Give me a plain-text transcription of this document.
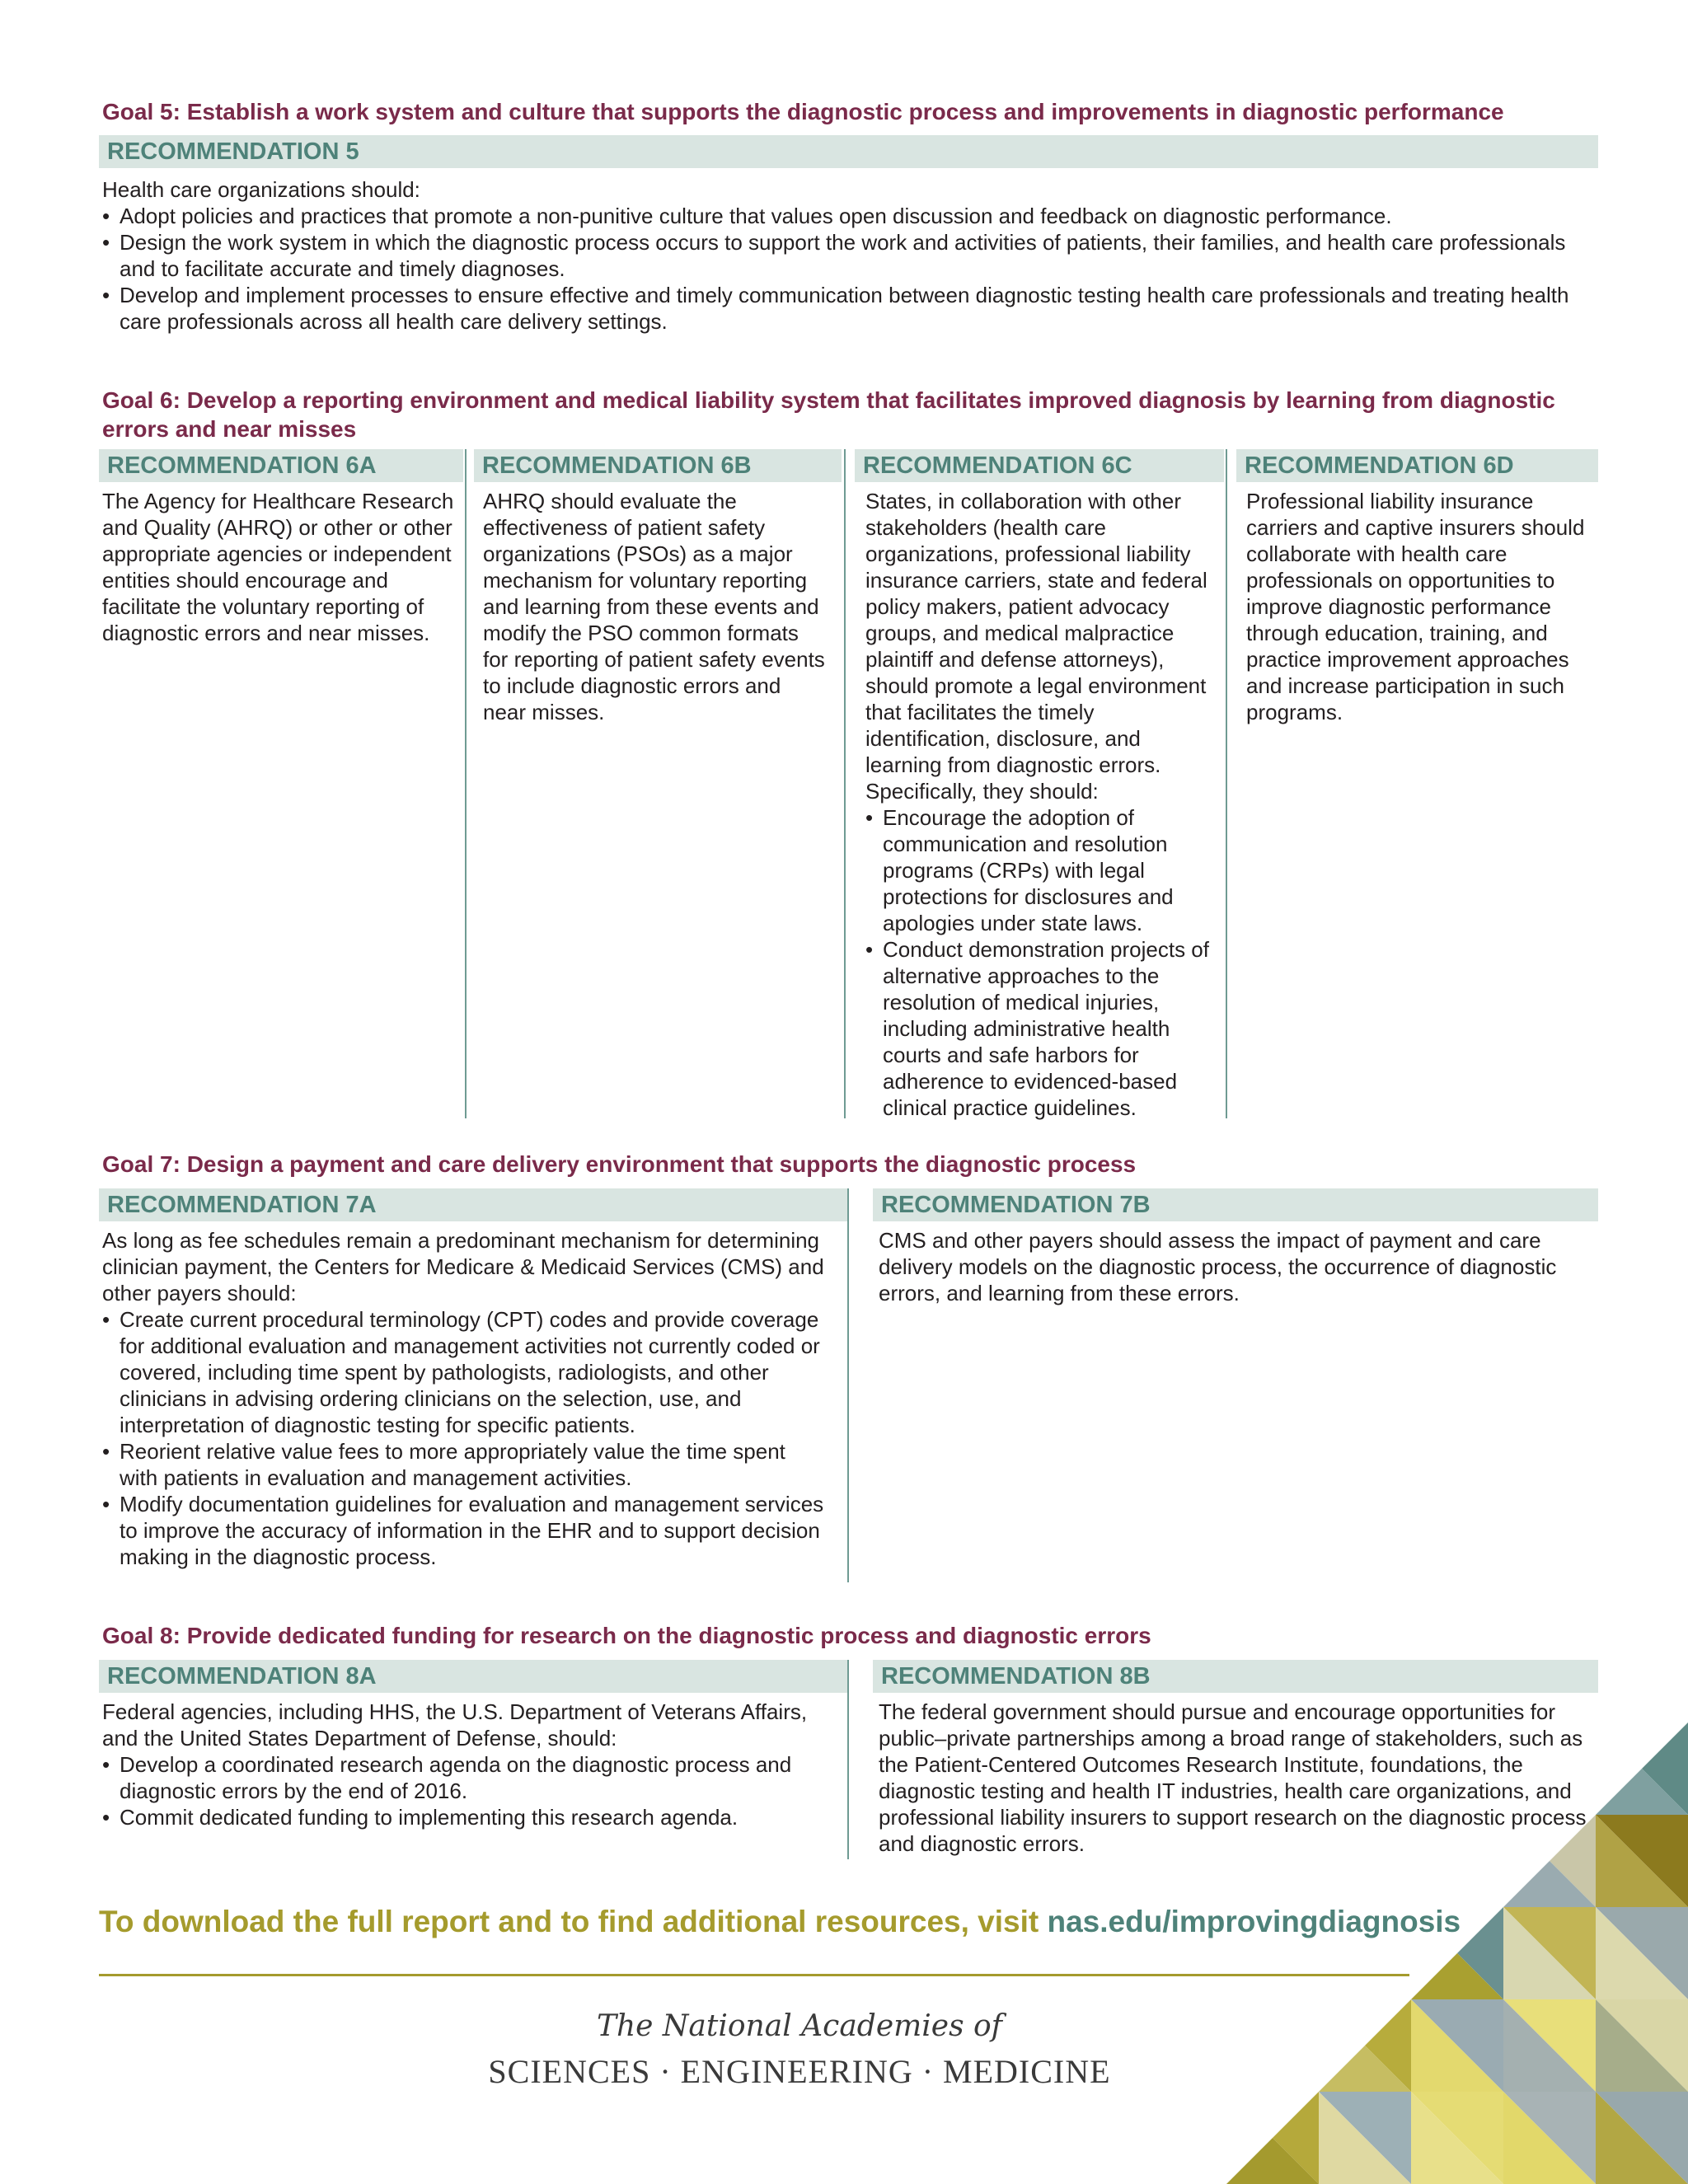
Goal 5: Establish a work system and culture that supports the diagnostic process and improvements in diagnostic performance
RECOMMENDATION 5

Health care organizations should:

• Adopt policies and practices that promote a non-punitive culture that values open discussion and feedback on diagnostic performance.
• Design the work system in which the diagnostic process occurs to support the work and activities of patients, their families, and health care professionals and to facilitate accurate and timely diagnoses.
• Develop and implement processes to ensure effective and timely communication between diagnostic testing health care professionals and treating health care professionals across all health care delivery settings.
Goal 6: Develop a reporting environment and medical liability system that facilitates improved diagnosis by learning from diagnostic errors and near misses
RECOMMENDATION 6A	RECOMMENDATION 6B	RECOMMENDATION 6C	RECOMMENDATION 6D
The Agency for Healthcare Research and Quality (AHRQ) or other or other appropriate agencies or independent entities should encourage and facilitate the voluntary reporting of diagnostic errors and near misses.
AHRQ should evaluate the effectiveness of patient safety organizations (PSOs) as a major mechanism for voluntary reporting and learning from these events and modify the PSO common formats for reporting of patient safety events to include diagnostic errors and near misses.

States, in collaboration with other stakeholders (health care organizations, professional liability insurance carriers, state and federal policy makers, patient advocacy groups, and medical malpractice plaintiff and defense attorneys), should promote a legal environment that facilitates the timely identification, disclosure, and learning from diagnostic errors. Specifically, they should:

• Encourage the adoption of communication and resolution programs (CRPs) with legal protections for disclosures and apologies under state laws.
• Conduct demonstration projects of alternative approaches to the resolution of medical injuries, including administrative health courts and safe harbors for adherence to evidenced-based clinical practice guidelines.
Professional liability insurance carriers and captive insurers should collaborate with health care professionals on opportunities to improve diagnostic performance through education, training, and practice improvement approaches and increase participation in such programs.
Goal 7: Design a payment and care delivery environment that supports the diagnostic process
RECOMMENDATION 7A	RECOMMENDATION 7B

As long as fee schedules remain a predominant mechanism for determining clinician payment, the Centers for Medicare & Medicaid Services (CMS) and other payers should:

• Create current procedural terminology (CPT) codes and provide coverage for additional evaluation and management activities not currently coded or covered, including time spent by pathologists, radiologists, and other clinicians in advising ordering clinicians on the selection, use, and interpretation of diagnostic testing for specific patients.
• Reorient relative value fees to more appropriately value the time spent with patients in evaluation and management activities.
• Modify documentation guidelines for evaluation and management services to improve the accuracy of information in the EHR and to support decision making in the diagnostic process.
CMS and other payers should assess the impact of payment and care delivery models on the diagnostic process, the occurrence of diagnostic errors, and learning from these errors.
Goal 8: Provide dedicated funding for research on the diagnostic process and diagnostic errors
RECOMMENDATION 8A	RECOMMENDATION 8B

Federal agencies, including HHS, the U.S. Department of Veterans Affairs, and the United States Department of Defense, should:

• Develop a coordinated research agenda on the diagnostic process and diagnostic errors by the end of 2016.
• Commit dedicated funding to implementing this research agenda.
The federal government should pursue and encourage opportunities for public–private partnerships among a broad range of stakeholders, such as the Patient-Centered Outcomes Research Institute, foundations, the diagnostic testing and health IT industries, health care organizations, and professional liability insurers to support research on the diagnostic process and diagnostic errors.
To download the full report and to find additional resources, visit nas.edu/improvingdiagnosis
The National Academies of
SCIENCES · ENGINEERING · MEDICINE
